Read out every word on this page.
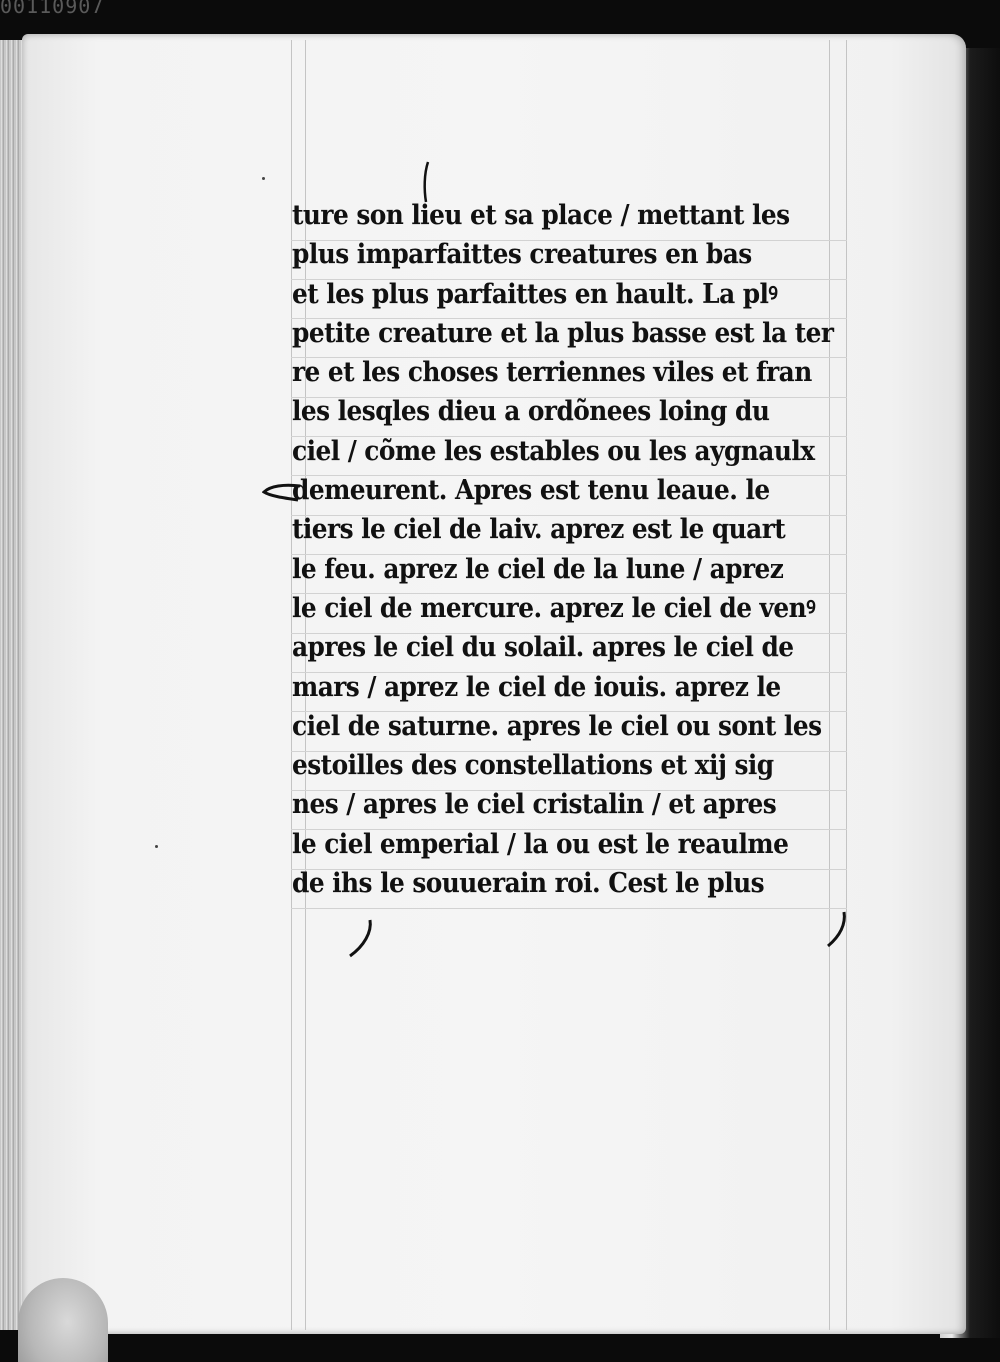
00110907
ture son lieu et sa place / mettant les
plus imparfaittes creatures en bas
et les plus parfaittes en hault. La plꝰ
petite creature et la plus basse est la ter
re et les choses terriennes viles et fran
les lesqles dieu a ordõnees loing du
ciel / cõme les estables ou les aygnaulx
demeurent. Apres est tenu leaue. le
tiers le ciel de laiv. aprez est le quart
le feu. aprez le ciel de la lune / aprez
le ciel de mercure. aprez le ciel de venꝰ
apres le ciel du solail. apres le ciel de
mars / aprez le ciel de iouis. aprez le
ciel de saturne. apres le ciel ou sont les
estoilles des constellations et xij sig
nes / apres le ciel cristalin / et apres
le ciel emperial / la ou est le reaulme
de ihs le souuerain roi. Cest le plus
